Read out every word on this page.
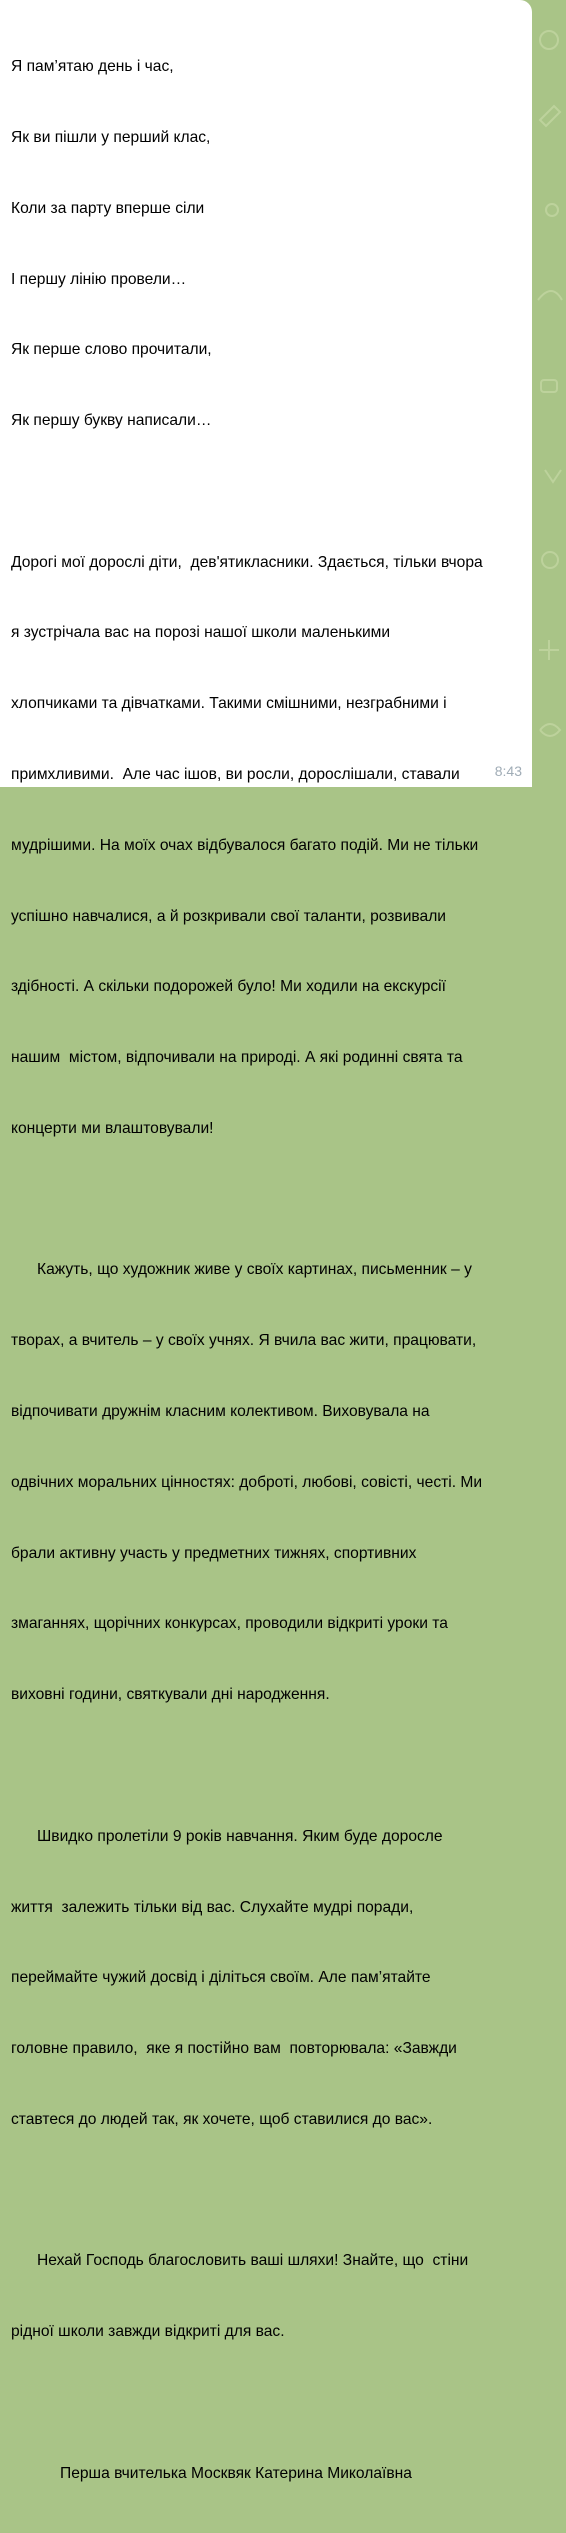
Я пам’ятаю день і час,

Як ви пішли у перший клас,

Коли за парту вперше сіли

І першу лінію провели…

Як перше слово прочитали,

Як першу букву написали…

Дорогі мої дорослі діти,  дев'ятикласники. Здається, тільки вчора

я зустрічала вас на порозі нашої школи маленькими

хлопчиками та дівчатками. Такими смішними, незграбними і

примхливими.  Але час ішов, ви росли, дорослішали, ставали

мудрішими. На моїх очах відбувалося багато подій. Ми не тільки

успішно навчалися, а й розкривали свої таланти, розвивали

здібності. А скільки подорожей було! Ми ходили на екскурсії

нашим  містом, відпочивали на природі. А які родинні свята та

концерти ми влаштовували!

Кажуть, що художник живе у своїх картинах, письменник – у

творах, а вчитель – у своїх учнях. Я вчила вас жити, працювати,

відпочивати дружнім класним колективом. Виховувала на

одвічних моральних цінностях: доброті, любові, совісті, честі. Ми

брали активну участь у предметних тижнях, спортивних

змаганнях, щорічних конкурсах, проводили відкриті уроки та

виховні години, святкували дні народження.

Швидко пролетіли 9 років навчання. Яким буде доросле

життя  залежить тільки від вас. Слухайте мудрі поради,

переймайте чужий досвід і діліться своїм. Але пам’ятайте

головне правило,  яке я постійно вам  повторювала: «Завжди

ставтеся до людей так, як хочете, щоб ставилися до вас».

Нехай Господь благословить ваші шляхи! Знайте, що  стіни

рідної школи завжди відкриті для вас.

Перша вчителька Москвяк Катерина Миколаївна

8:43
